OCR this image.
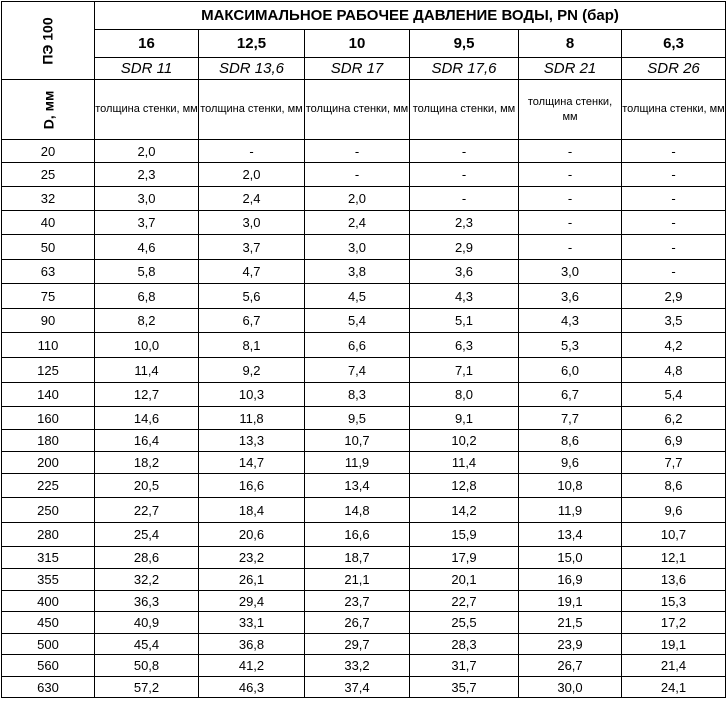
ПЭ 100	МАКСИМАЛЬНОЕ РАБОЧЕЕ ДАВЛЕНИЕ ВОДЫ, PN (бар)					
	16	12,5	10	9,5	8	6,3
	SDR 11	SDR 13,6	SDR 17	SDR 17,6	SDR 21	SDR 26
D, мм	толщина стенки, мм	толщина стенки, мм	толщина стенки, мм	толщина стенки, мм	толщина стенки, мм	толщина стенки, мм
20	2,0	-	-	-	-	-
25	2,3	2,0	-	-	-	-
32	3,0	2,4	2,0	-	-	-
40	3,7	3,0	2,4	2,3	-	-
50	4,6	3,7	3,0	2,9	-	-
63	5,8	4,7	3,8	3,6	3,0	-
75	6,8	5,6	4,5	4,3	3,6	2,9
90	8,2	6,7	5,4	5,1	4,3	3,5
110	10,0	8,1	6,6	6,3	5,3	4,2
125	11,4	9,2	7,4	7,1	6,0	4,8
140	12,7	10,3	8,3	8,0	6,7	5,4
160	14,6	11,8	9,5	9,1	7,7	6,2
180	16,4	13,3	10,7	10,2	8,6	6,9
200	18,2	14,7	11,9	11,4	9,6	7,7
225	20,5	16,6	13,4	12,8	10,8	8,6
250	22,7	18,4	14,8	14,2	11,9	9,6
280	25,4	20,6	16,6	15,9	13,4	10,7
315	28,6	23,2	18,7	17,9	15,0	12,1
355	32,2	26,1	21,1	20,1	16,9	13,6
400	36,3	29,4	23,7	22,7	19,1	15,3
450	40,9	33,1	26,7	25,5	21,5	17,2
500	45,4	36,8	29,7	28,3	23,9	19,1
560	50,8	41,2	33,2	31,7	26,7	21,4
630	57,2	46,3	37,4	35,7	30,0	24,1
